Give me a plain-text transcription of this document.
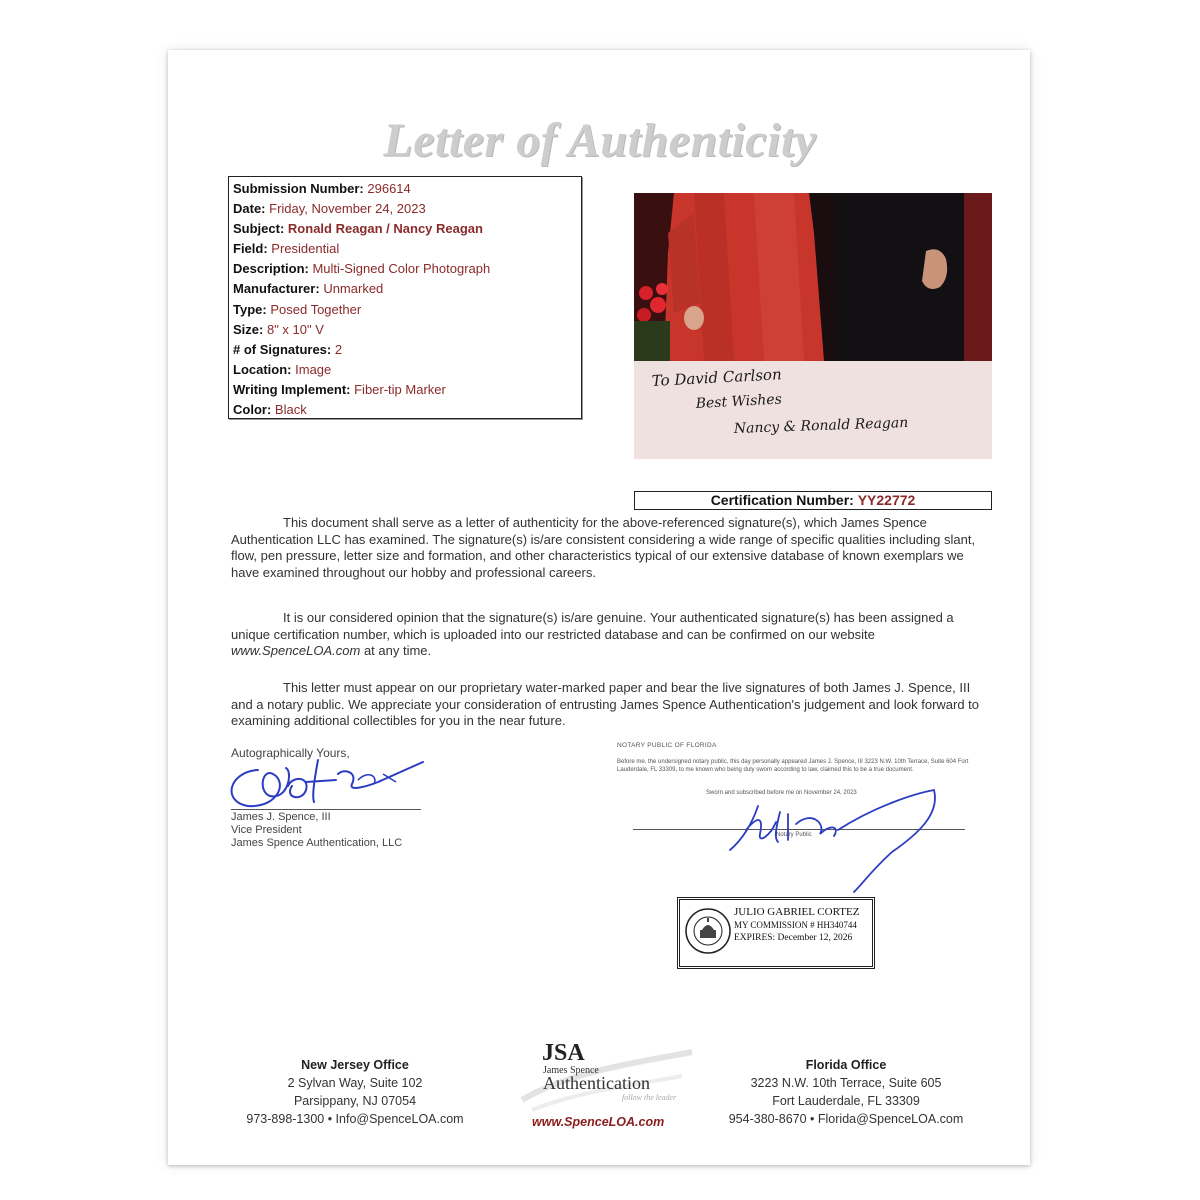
Letter of Authenticity
Submission Number: 296614
Date: Friday, November 24, 2023
Subject: Ronald Reagan / Nancy Reagan
Field: Presidential
Description: Multi-Signed Color Photograph
Manufacturer: Unmarked
Type: Posed Together
Size: 8" x 10" V
# of Signatures: 2
Location: Image
Writing Implement: Fiber-tip Marker
Color: Black
To David Carlson
Best Wishes
Nancy & Ronald Reagan
Certification Number: YY22772

This document shall serve as a letter of authenticity for the above-referenced signature(s), which James Spence Authentication LLC has examined. The signature(s) is/are consistent considering a wide range of specific qualities including slant, flow, pen pressure, letter size and formation, and other characteristics typical of our extensive database of known exemplars we have examined throughout our hobby and professional careers.

It is our considered opinion that the signature(s) is/are genuine. Your authenticated signature(s) has been assigned a unique certification number, which is uploaded into our restricted database and can be confirmed on our website www.SpenceLOA.com at any time.

This letter must appear on our proprietary water-marked paper and bear the live signatures of both James J. Spence, III and a notary public. We appreciate your consideration of entrusting James Spence Authentication's judgement and look forward to examining additional collectibles for you in the near future.

Autographically Yours,
James J. Spence, III
Vice President
James Spence Authentication, LLC
NOTARY PUBLIC OF FLORIDA
Before me, the undersigned notary public, this day personally appeared James J. Spence, III 3223 N.W. 10th Terrace, Suite 604 Fort Lauderdale, FL 33309, to me known who being duly sworn according to law, claimed this to be a true document.
Sworn and subscribed before me on November 24, 2023
Notary Public
JULIO GABRIEL CORTEZ
MY COMMISSION # HH340744
EXPIRES: December 12, 2026
New Jersey Office
2 Sylvan Way, Suite 102
Parsippany, NJ 07054
973-898-1300 • Info@SpenceLOA.com
JSA
James Spence
Authentication
follow the leader
www.SpenceLOA.com
Florida Office
3223 N.W. 10th Terrace, Suite 605
Fort Lauderdale, FL 33309
954-380-8670 • Florida@SpenceLOA.com
